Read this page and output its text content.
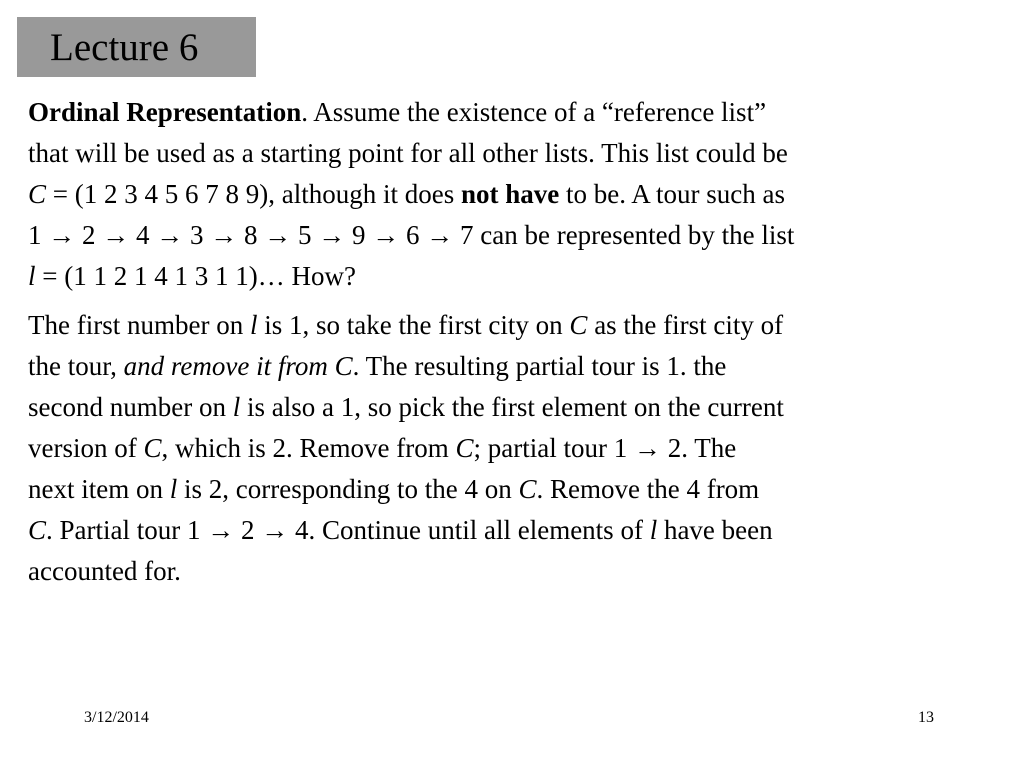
Lecture 6

Ordinal Representation. Assume the existence of a “reference list”
that will be used as a starting point for all other lists. This list could be
C = (1 2 3 4 5 6 7 8 9), although it does not have to be. A tour such as
1 → 2 → 4 → 3 → 8 → 5 → 9 → 6 → 7 can be represented by the list
l = (1 1 2 1 4 1 3 1 1)… How?

The first number on l is 1, so take the first city on C as the first city of
the tour, and remove it from C. The resulting partial tour is 1. the
second number on l is also a 1, so pick the first element on the current
version of C, which is 2. Remove from C; partial tour 1 → 2. The
next item on l is 2, corresponding to the 4 on C. Remove the 4 from
C. Partial tour 1 → 2 → 4. Continue until all elements of l have been
accounted for.

3/12/2014	13
